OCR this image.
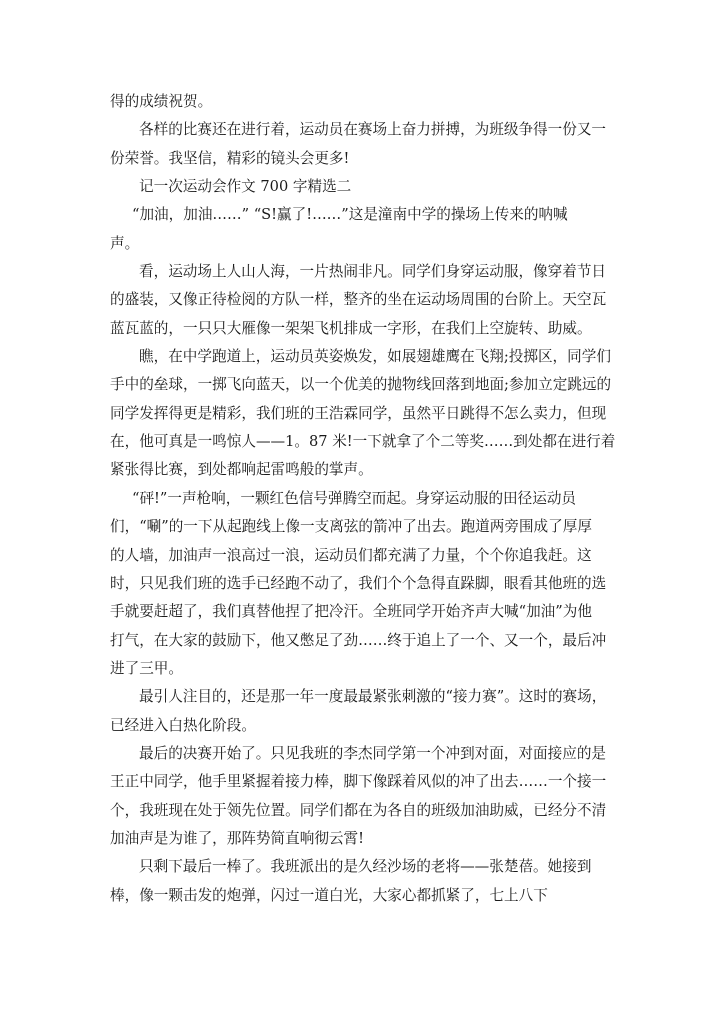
得的成绩祝贺。
各样的比赛还在进行着，运动员在赛场上奋力拼搏，为班级争得一份又一
份荣誉。我坚信，精彩的镜头会更多!
记一次运动会作文 700 字精选二
“加油，加油……” “S!赢了!……”这是潼南中学的操场上传来的呐喊
声。
看，运动场上人山人海，一片热闹非凡。同学们身穿运动服，像穿着节日
的盛装，又像正待检阅的方队一样，整齐的坐在运动场周围的台阶上。天空瓦
蓝瓦蓝的，一只只大雁像一架架飞机排成一字形，在我们上空旋转、助威。
瞧，在中学跑道上，运动员英姿焕发，如展翅雄鹰在飞翔;投掷区，同学们
手中的垒球，一掷飞向蓝天，以一个优美的抛物线回落到地面;参加立定跳远的
同学发挥得更是精彩，我们班的王浩霖同学，虽然平日跳得不怎么卖力，但现
在，他可真是一鸣惊人——1。87 米!一下就拿了个二等奖……到处都在进行着
紧张得比赛，到处都响起雷鸣般的掌声。
“砰!”一声枪响，一颗红色信号弹腾空而起。身穿运动服的田径运动员
们，“唰”的一下从起跑线上像一支离弦的箭冲了出去。跑道两旁围成了厚厚
的人墙，加油声一浪高过一浪，运动员们都充满了力量，个个你追我赶。这
时，只见我们班的选手已经跑不动了，我们个个急得直跺脚，眼看其他班的选
手就要赶超了，我们真替他捏了把冷汗。全班同学开始齐声大喊“加油”为他
打气，在大家的鼓励下，他又憋足了劲……终于追上了一个、又一个，最后冲
进了三甲。
最引人注目的，还是那一年一度最最紧张刺激的“接力赛”。这时的赛场，
已经进入白热化阶段。
最后的决赛开始了。只见我班的李杰同学第一个冲到对面，对面接应的是
王正中同学，他手里紧握着接力棒，脚下像踩着风似的冲了出去……一个接一
个，我班现在处于领先位置。同学们都在为各自的班级加油助威，已经分不清
加油声是为谁了，那阵势简直响彻云霄!
只剩下最后一棒了。我班派出的是久经沙场的老将——张楚蓓。她接到
棒，像一颗击发的炮弹，闪过一道白光，大家心都抓紧了，七上八下
